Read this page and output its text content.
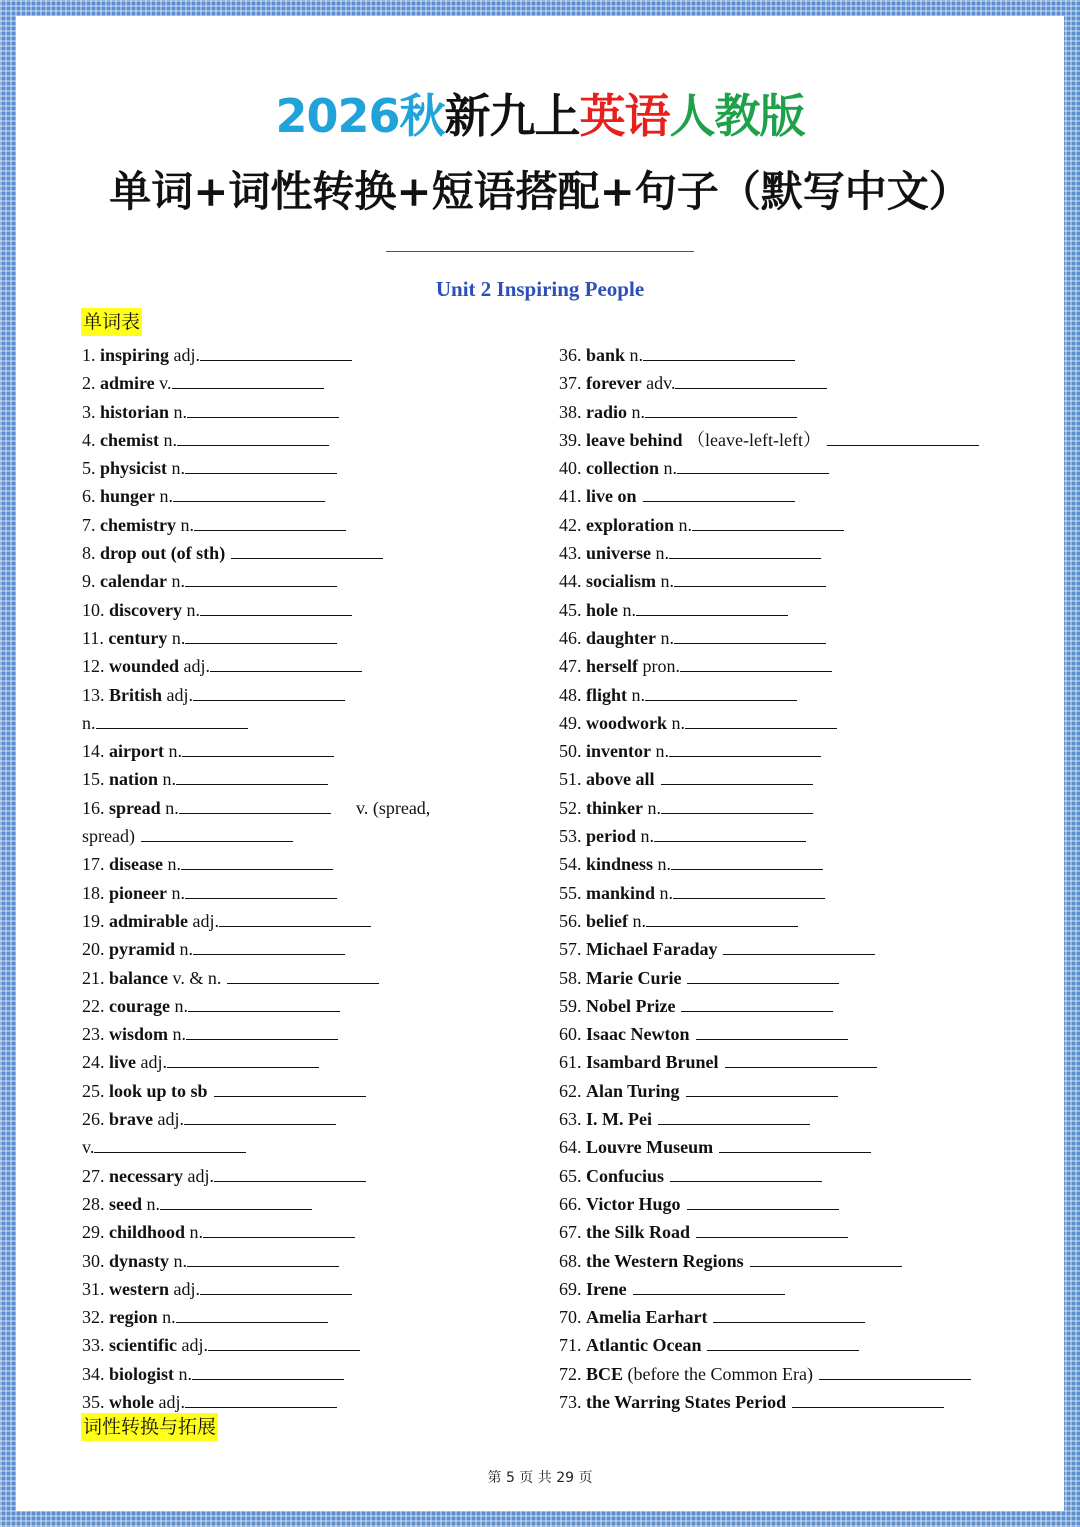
2026秋新九上英语人教版
单词+词性转换+短语搭配+句子（默写中文）
Unit 2 Inspiring People
单词表
1. inspiring adj.
2. admire v.
3. historian n.
4. chemist n.
5. physicist n.
6. hunger n.
7. chemistry n.
8. drop out (of sth)
9. calendar n.
10. discovery n.
11. century n.
12. wounded adj.
13. British adj.
n.
14. airport n.
15. nation n.
16. spread n.	v. (spread,
spread)
17. disease n.
18. pioneer n.
19. admirable adj.
20. pyramid n.
21. balance v. & n.
22. courage n.
23. wisdom n.
24. live adj.
25. look up to sb
26. brave adj.
v.
27. necessary adj.
28. seed n.
29. childhood n.
30. dynasty n.
31. western adj.
32. region n.
33. scientific adj.
34. biologist n.
35. whole adj.
36. bank n.
37. forever adv.
38. radio n.
39. leave behind （leave-left-left）
40. collection n.
41. live on
42. exploration n.
43. universe n.
44. socialism n.
45. hole n.
46. daughter n.
47. herself pron.
48. flight n.
49. woodwork n.
50. inventor n.
51. above all
52. thinker n.
53. period n.
54. kindness n.
55. mankind n.
56. belief n.
57. Michael Faraday
58. Marie Curie
59. Nobel Prize
60. Isaac Newton
61. Isambard Brunel
62. Alan Turing
63. I. M. Pei
64. Louvre Museum
65. Confucius
66. Victor Hugo
67. the Silk Road
68. the Western Regions
69. Irene
70. Amelia Earhart
71. Atlantic Ocean
72. BCE (before the Common Era)
73. the Warring States Period
词性转换与拓展
第 5 页 共 29 页
